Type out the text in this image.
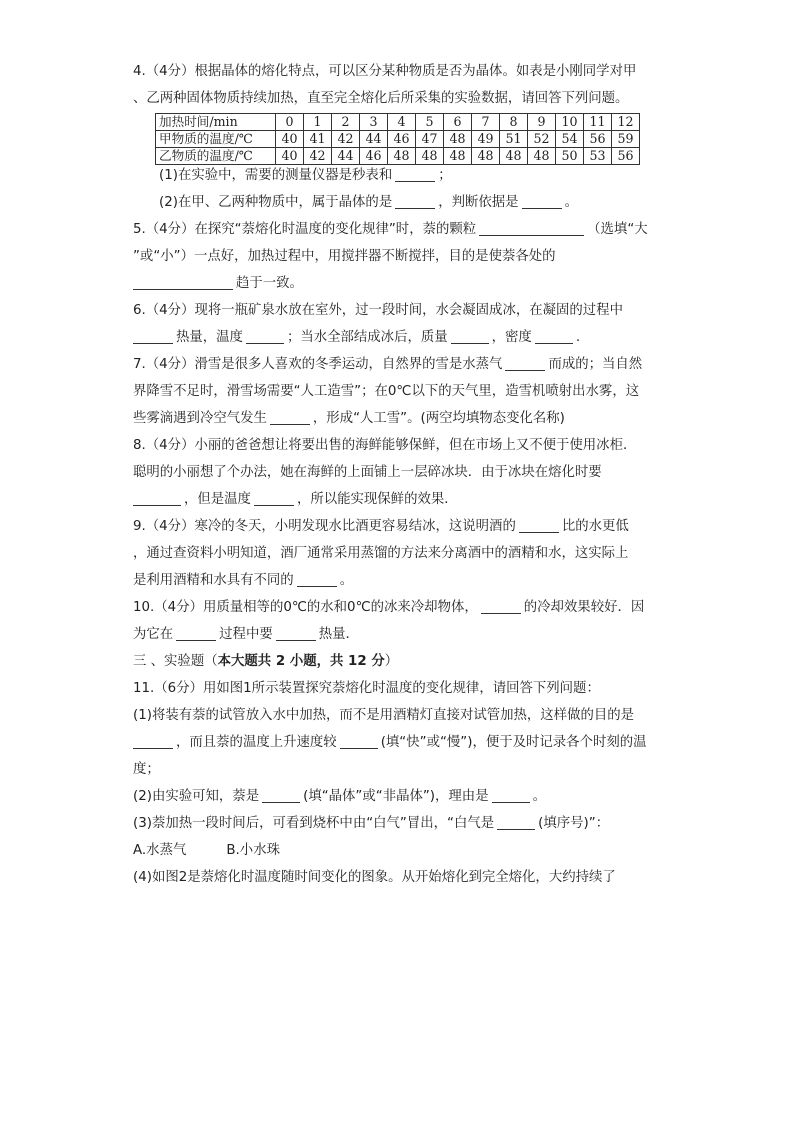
4.（4分）根据晶体的熔化特点，可以区分某种物质是否为晶体。如表是小刚同学对甲
、乙两种固体物质持续加热，直至完全熔化后所采集的实验数据，请回答下列问题。
加热时间/min	0	1	2	3	4	5	6	7	8	9	10	11	12
甲物质的温度/℃	40	41	42	44	46	47	48	49	51	52	54	56	59
乙物质的温度/℃	40	42	44	46	48	48	48	48	48	48	50	53	56
(1)在实验中，需要的测量仪器是秒表和	；
(2)在甲、乙两种物质中，属于晶体的是	，判断依据是	。
5.（4分）在探究“萘熔化时温度的变化规律”时，萘的颗粒	（选填“大
”或“小”）一点好，加热过程中，用搅拌器不断搅拌，目的是使萘各处的
趋于一致。
6.（4分）现将一瓶矿泉水放在室外，过一段时间，水会凝固成冰，在凝固的过程中
热量，温度	；当水全部结成冰后，质量	，密度	.
7.（4分）滑雪是很多人喜欢的冬季运动，自然界的雪是水蒸气	而成的；当自然
界降雪不足时，滑雪场需要“人工造雪”；在0℃以下的天气里，造雪机喷射出水雾，这
些雾滴遇到冷空气发生	，形成“人工雪”。(两空均填物态变化名称)
8.（4分）小丽的爸爸想让将要出售的海鲜能够保鲜，但在市场上又不便于使用冰柜．
聪明的小丽想了个办法，她在海鲜的上面铺上一层碎冰块．由于冰块在熔化时要
，但是温度	，所以能实现保鲜的效果．
9.（4分）寒冷的冬天，小明发现水比酒更容易结冰，这说明酒的	比的水更低
，通过查资料小明知道，酒厂通常采用蒸馏的方法来分离酒中的酒精和水，这实际上
是利用酒精和水具有不同的	。
10.（4分）用质量相等的0℃的水和0℃的冰来冷却物体，	的冷却效果较好．因
为它在	过程中要	热量．
三 、实验题（本大题共 2 小题，共 12 分）
11.（6分）用如图1所示装置探究萘熔化时温度的变化规律，请回答下列问题：
(1)将装有萘的试管放入水中加热，而不是用酒精灯直接对试管加热，这样做的目的是
，而且萘的温度上升速度较	(填“快”或“慢”)，便于及时记录各个时刻的温
度；
(2)由实验可知，萘是	(填“晶体”或“非晶体”)，理由是	。
(3)萘加热一段时间后，可看到烧杯中由“白气”冒出，“白气是	(填序号)”：
A.水蒸气	B.小水珠
(4)如图2是萘熔化时温度随时间变化的图象。从开始熔化到完全熔化，大约持续了
